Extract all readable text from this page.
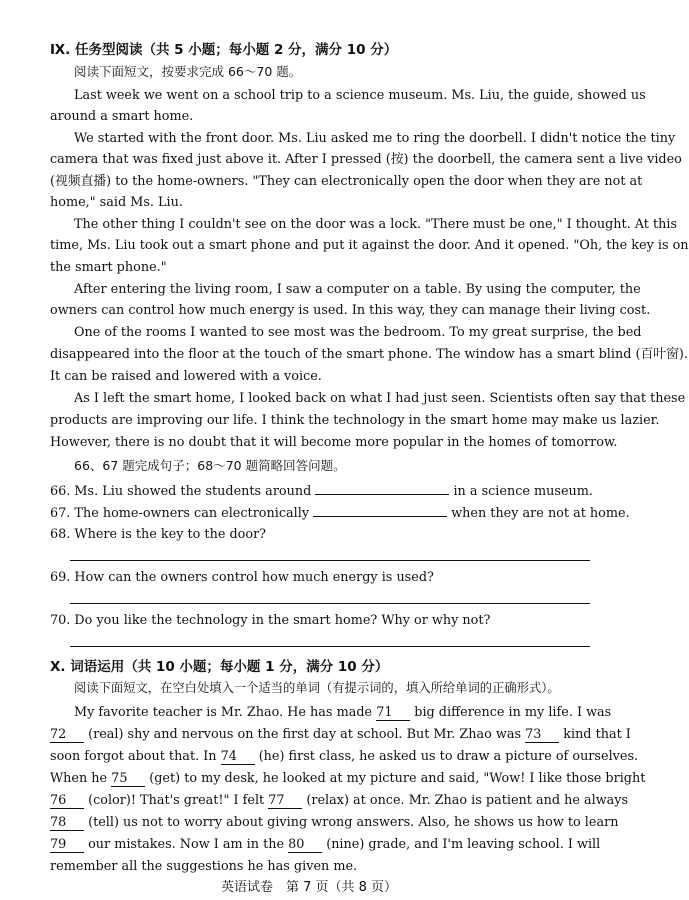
Ⅸ. 任务型阅读（共 5 小题；每小题 2 分，满分 10 分）
阅读下面短文，按要求完成 66～70 题。
Last week we went on a school trip to a science museum. Ms. Liu, the guide, showed us
around a smart home.
We started with the front door. Ms. Liu asked me to ring the doorbell. I didn't notice the tiny
camera that was fixed just above it. After I pressed (按) the doorbell, the camera sent a live video
(视频直播) to the home-owners. "They can electronically open the door when they are not at
home," said Ms. Liu.
The other thing I couldn't see on the door was a lock. "There must be one," I thought. At this
time, Ms. Liu took out a smart phone and put it against the door. And it opened. "Oh, the key is on
the smart phone."
After entering the living room, I saw a computer on a table. By using the computer, the
owners can control how much energy is used. In this way, they can manage their living cost.
One of the rooms I wanted to see most was the bedroom. To my great surprise, the bed
disappeared into the floor at the touch of the smart phone. The window has a smart blind (百叶窗).
It can be raised and lowered with a voice.
As I left the smart home, I looked back on what I had just seen. Scientists often say that these
products are improving our life. I think the technology in the smart home may make us lazier.
However, there is no doubt that it will become more popular in the homes of tomorrow.
66、67 题完成句子；68～70 题简略回答问题。
66. Ms. Liu showed the students around	in a science museum.
67. The home-owners can electronically	when they are not at home.
68. Where is the key to the door?
69. How can the owners control how much energy is used?
70. Do you like the technology in the smart home? Why or why not?
Ⅹ. 词语运用（共 10 小题；每小题 1 分，满分 10 分）
阅读下面短文，在空白处填入一个适当的单词（有提示词的，填入所给单词的正确形式）。
My favorite teacher is Mr. Zhao. He has made 71 big difference in my life. I was
72 (real) shy and nervous on the first day at school. But Mr. Zhao was 73 kind that I
soon forgot about that. In 74 (he) first class, he asked us to draw a picture of ourselves.
When he 75 (get) to my desk, he looked at my picture and said, "Wow! I like those bright
76 (color)! That's great!" I felt 77 (relax) at once. Mr. Zhao is patient and he always
78 (tell) us not to worry about giving wrong answers. Also, he shows us how to learn
79 our mistakes. Now I am in the 80 (nine) grade, and I'm leaving school. I will
remember all the suggestions he has given me.
英语试卷　第 7 页（共 8 页）
